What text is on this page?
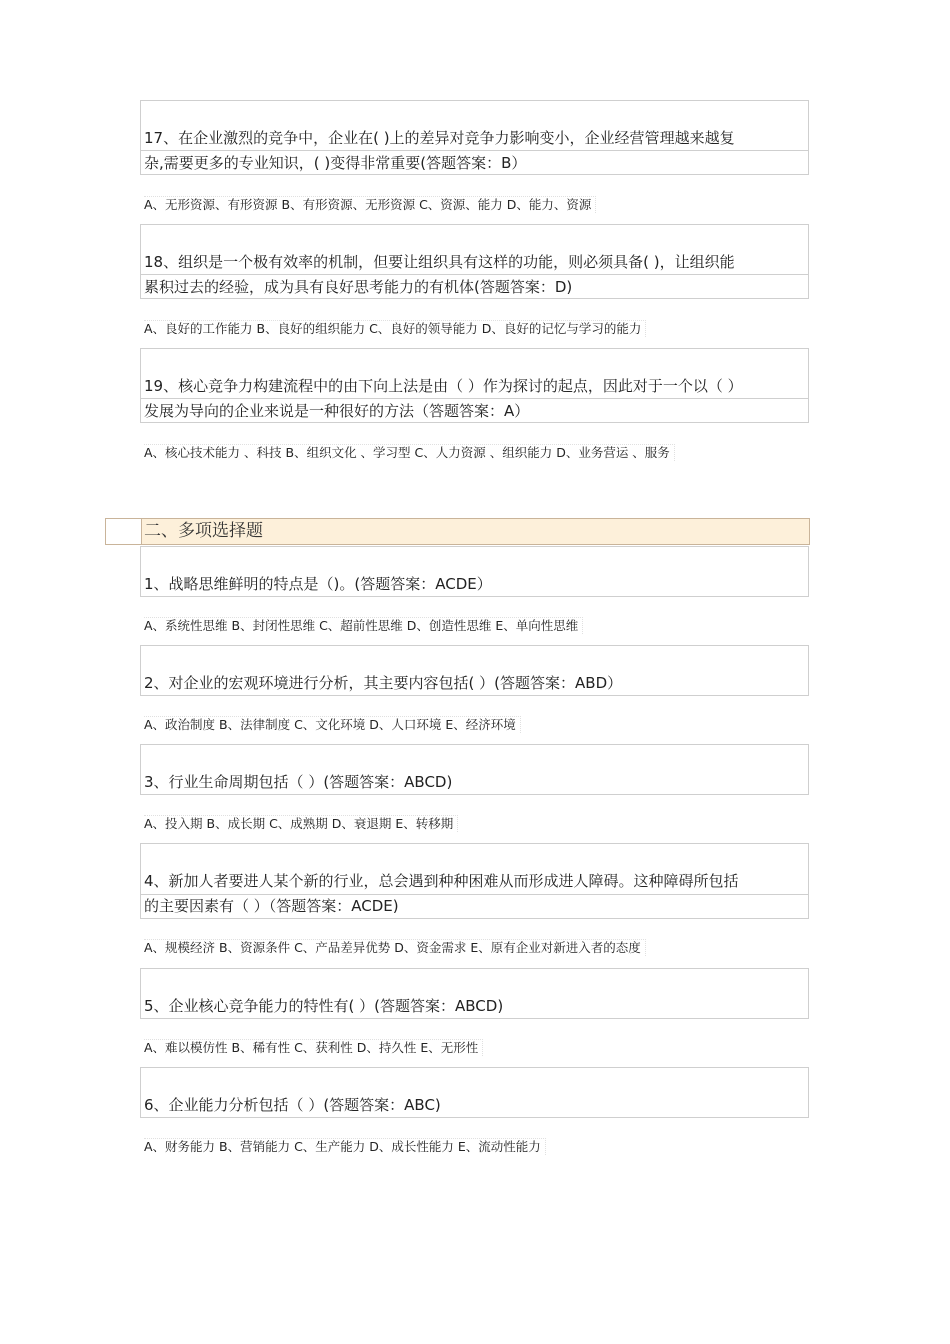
17、在企业激烈的竞争中，企业在( )上的差异对竞争力影响变小，企业经营管理越来越复
杂,需要更多的专业知识，( )变得非常重要(答题答案：B）
A、无形资源、有形资源 B、有形资源、无形资源 C、资源、能力 D、能力、资源
18、组织是一个极有效率的机制，但要让组织具有这样的功能，则必须具备( )，让组织能
累积过去的经验，成为具有良好思考能力的有机体(答题答案：D)
A、良好的工作能力 B、良好的组织能力 C、良好的领导能力 D、良好的记忆与学习的能力
19、核心竞争力构建流程中的由下向上法是由（ ）作为探讨的起点，因此对于一个以（ ）
发展为导向的企业来说是一种很好的方法（答题答案：A）
A、核心技术能力 、科技 B、组织文化 、学习型 C、人力资源 、组织能力 D、业务营运 、服务
二、多项选择题
1、战略思维鲜明的特点是（)。(答题答案：ACDE）
A、系统性思维 B、封闭性思维 C、超前性思维 D、创造性思维 E、单向性思维
2、对企业的宏观环境进行分析，其主要内容包括( ）(答题答案：ABD）
A、政治制度 B、法律制度 C、文化环境 D、人口环境 E、经济环境
3、行业生命周期包括（ ）(答题答案：ABCD)
A、投入期 B、成长期 C、成熟期 D、衰退期 E、转移期
4、新加人者要进人某个新的行业，总会遇到种种困难从而形成进人障碍。这种障碍所包括
的主要因素有（ ）（答题答案：ACDE)
A、规模经济 B、资源条件 C、产品差异优势 D、资金需求 E、原有企业对新进入者的态度
5、企业核心竞争能力的特性有( ）(答题答案：ABCD)
A、难以模仿性 B、稀有性 C、获利性 D、持久性 E、无形性
6、企业能力分析包括（ ）(答题答案：ABC)
A、财务能力 B、营销能力 C、生产能力 D、成长性能力 E、流动性能力
